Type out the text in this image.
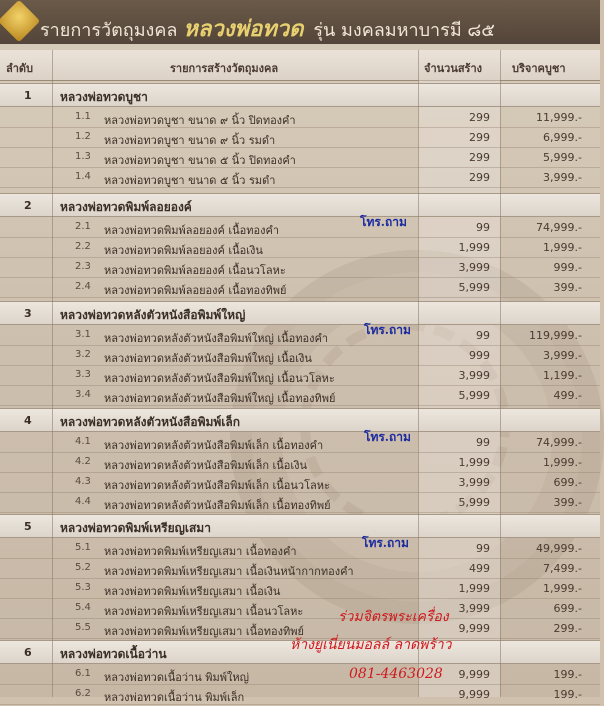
รายการวัตถุมงคล หลวงพ่อทวด รุ่น มงคลมหาบารมี ๘๕
ลำดับ	รายการสร้างวัตถุมงคล	จำนวนสร้าง	บริจาคบูชา
1 หลวงพ่อทวดบูชา
1.1 หลวงพ่อทวดบูชา ขนาด ๙ นิ้ว ปิดทองคำ	299	11,999.-
1.2 หลวงพ่อทวดบูชา ขนาด ๙ นิ้ว รมดำ	299	6,999.-
1.3 หลวงพ่อทวดบูชา ขนาด ๕ นิ้ว ปิดทองคำ	299	5,999.-
1.4 หลวงพ่อทวดบูชา ขนาด ๕ นิ้ว รมดำ	299	3,999.-
2 หลวงพ่อทวดพิมพ์ลอยองค์
2.1 หลวงพ่อทวดพิมพ์ลอยองค์ เนื้อทองคำ	99	74,999.-
2.2 หลวงพ่อทวดพิมพ์ลอยองค์ เนื้อเงิน	1,999	1,999.-
2.3 หลวงพ่อทวดพิมพ์ลอยองค์ เนื้อนวโลหะ	3,999	999.-
2.4 หลวงพ่อทวดพิมพ์ลอยองค์ เนื้อทองทิพย์	5,999	399.-
3 หลวงพ่อทวดหลังตัวหนังสือพิมพ์ใหญ่
3.1 หลวงพ่อทวดหลังตัวหนังสือพิมพ์ใหญ่ เนื้อทองคำ	99	119,999.-
3.2 หลวงพ่อทวดหลังตัวหนังสือพิมพ์ใหญ่ เนื้อเงิน	999	3,999.-
3.3 หลวงพ่อทวดหลังตัวหนังสือพิมพ์ใหญ่ เนื้อนวโลหะ	3,999	1,199.-
3.4 หลวงพ่อทวดหลังตัวหนังสือพิมพ์ใหญ่ เนื้อทองทิพย์	5,999	499.-
4 หลวงพ่อทวดหลังตัวหนังสือพิมพ์เล็ก
4.1 หลวงพ่อทวดหลังตัวหนังสือพิมพ์เล็ก เนื้อทองคำ	99	74,999.-
4.2 หลวงพ่อทวดหลังตัวหนังสือพิมพ์เล็ก เนื้อเงิน	1,999	1,999.-
4.3 หลวงพ่อทวดหลังตัวหนังสือพิมพ์เล็ก เนื้อนวโลหะ	3,999	699.-
4.4 หลวงพ่อทวดหลังตัวหนังสือพิมพ์เล็ก เนื้อทองทิพย์	5,999	399.-
5 หลวงพ่อทวดพิมพ์เหรียญเสมา
5.1 หลวงพ่อทวดพิมพ์เหรียญเสมา เนื้อทองคำ	99	49,999.-
5.2 หลวงพ่อทวดพิมพ์เหรียญเสมา เนื้อเงินหน้ากากทองคำ	499	7,499.-
5.3 หลวงพ่อทวดพิมพ์เหรียญเสมา เนื้อเงิน	1,999	1,999.-
5.4 หลวงพ่อทวดพิมพ์เหรียญเสมา เนื้อนวโลหะ	3,999	699.-
5.5 หลวงพ่อทวดพิมพ์เหรียญเสมา เนื้อทองทิพย์	9,999	299.-
6 หลวงพ่อทวดเนื้อว่าน
6.1 หลวงพ่อทวดเนื้อว่าน พิมพ์ใหญ่	9,999	199.-
6.2 หลวงพ่อทวดเนื้อว่าน พิมพ์เล็ก	9,999	199.-
โทร.ถาม
โทร.ถาม
โทร.ถาม
โทร.ถาม
ร่วมจิตรพระเครื่อง
ห้างยูเนี่ยนมอลล์ ลาดพร้าว
081-4463028
